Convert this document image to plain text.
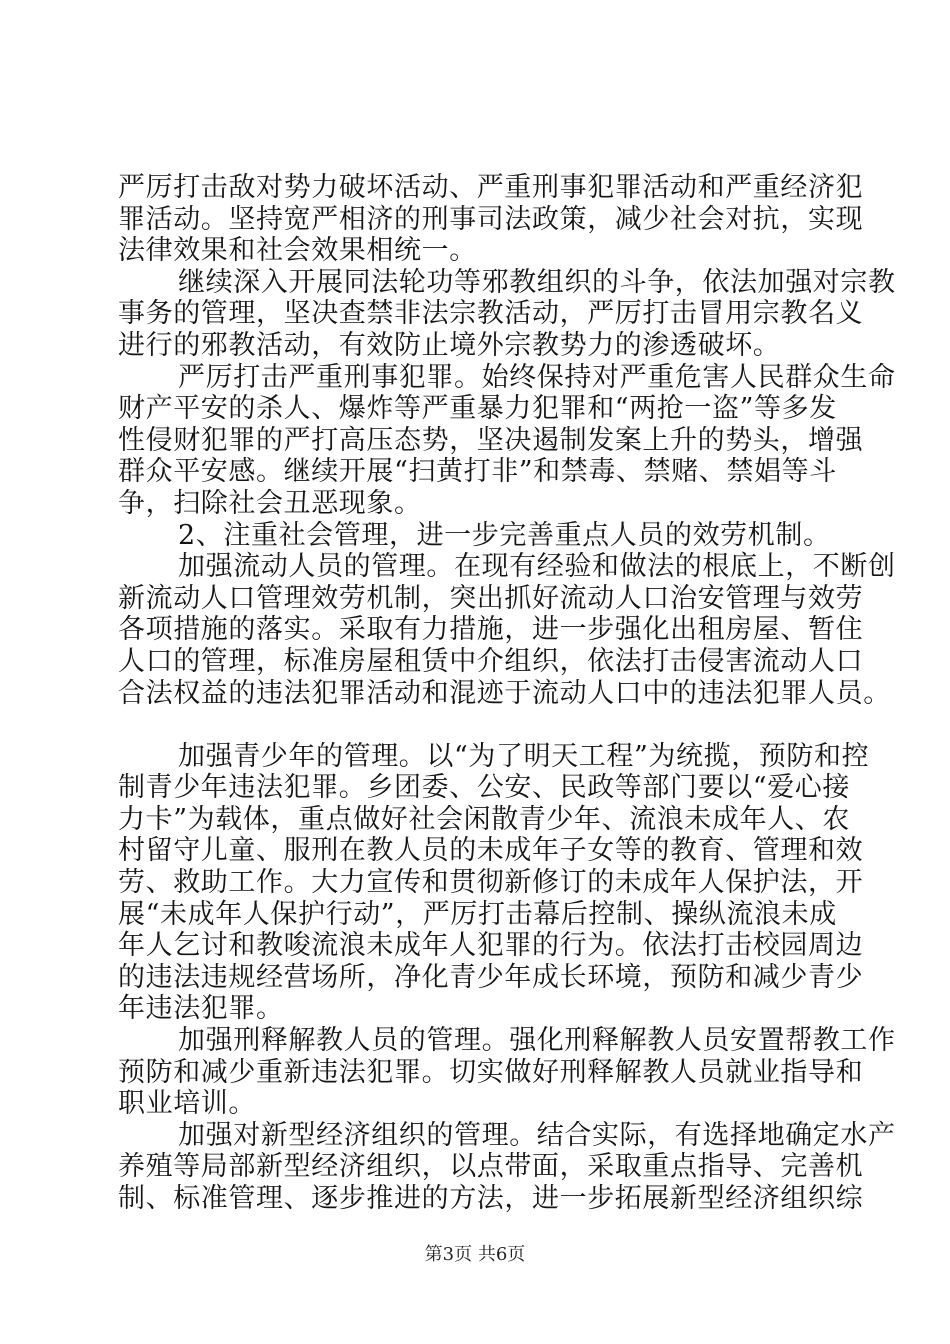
严厉打击敌对势力破坏活动、严重刑事犯罪活动和严重经济犯
罪活动。坚持宽严相济的刑事司法政策，减少社会对抗，实现
法律效果和社会效果相统一。
继续深入开展同法轮功等邪教组织的斗争，依法加强对宗教
事务的管理，坚决查禁非法宗教活动，严厉打击冒用宗教名义
进行的邪教活动，有效防止境外宗教势力的渗透破坏。
严厉打击严重刑事犯罪。始终保持对严重危害人民群众生命
财产平安的杀人、爆炸等严重暴力犯罪和“两抢一盗”等多发
性侵财犯罪的严打高压态势，坚决遏制发案上升的势头，增强
群众平安感。继续开展“扫黄打非”和禁毒、禁赌、禁娼等斗
争，扫除社会丑恶现象。
2、注重社会管理，进一步完善重点人员的效劳机制。
加强流动人员的管理。在现有经验和做法的根底上，不断创
新流动人口管理效劳机制，突出抓好流动人口治安管理与效劳
各项措施的落实。采取有力措施，进一步强化出租房屋、暂住
人口的管理，标准房屋租赁中介组织，依法打击侵害流动人口
合法权益的违法犯罪活动和混迹于流动人口中的违法犯罪人员。
加强青少年的管理。以“为了明天工程”为统揽，预防和控
制青少年违法犯罪。乡团委、公安、民政等部门要以“爱心接
力卡”为载体，重点做好社会闲散青少年、流浪未成年人、农
村留守儿童、服刑在教人员的未成年子女等的教育、管理和效
劳、救助工作。大力宣传和贯彻新修订的未成年人保护法，开
展“未成年人保护行动”，严厉打击幕后控制、操纵流浪未成
年人乞讨和教唆流浪未成年人犯罪的行为。依法打击校园周边
的违法违规经营场所，净化青少年成长环境，预防和减少青少
年违法犯罪。
加强刑释解教人员的管理。强化刑释解教人员安置帮教工作
预防和减少重新违法犯罪。切实做好刑释解教人员就业指导和
职业培训。
加强对新型经济组织的管理。结合实际，有选择地确定水产
养殖等局部新型经济组织，以点带面，采取重点指导、完善机
制、标准管理、逐步推进的方法，进一步拓展新型经济组织综
第3页 共6页
